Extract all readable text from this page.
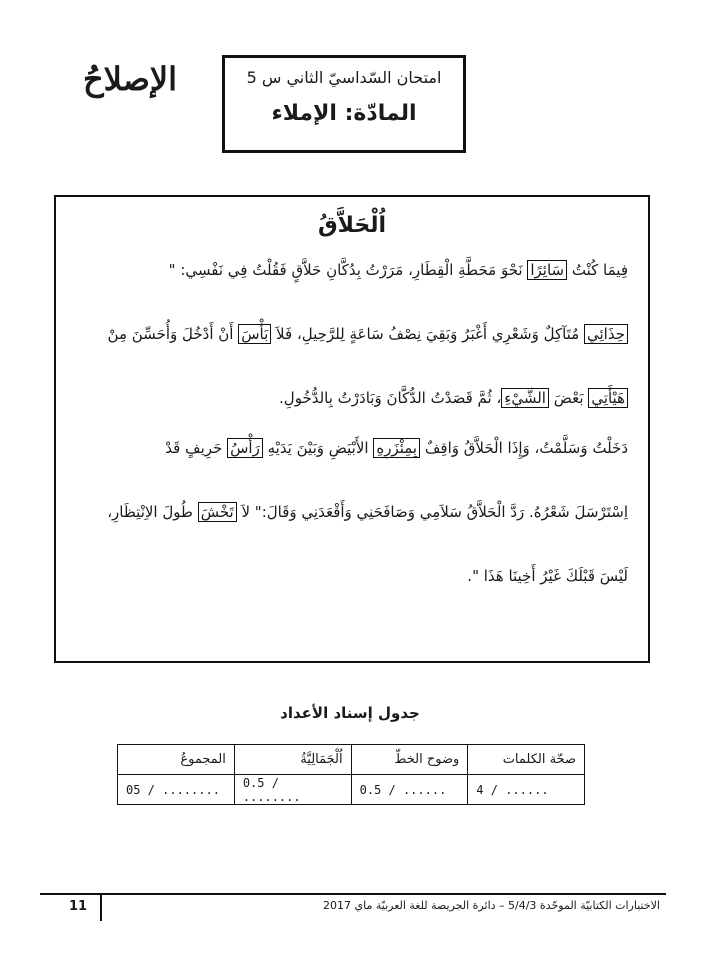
الإصلاحُ	امتحان السّداسيّ الثاني س 5
المادّة: الإملاء
اُلْحَلاَّقُ
فِيمَا كُنْتُ سَائِرًا نَحْوَ مَحَطَّةِ الْقِطَارِ، مَرَرْتُ بِدُكَّانِ حَلاَّقٍ فَقُلْتُ فِي نَفْسِي: "
حِذَائِي مُتَآكِلٌ وَشَعْرِي أَغْبَرُ وَبَقِيَ نِصْفُ سَاعَةٍ لِلرَّحِيلِ، فَلاَ بَأْسَ أَنْ أَدْخُلَ وَأُحَسِّنَ مِنْ
هَيْأَتِي بَعْضَ الشَّيْءِ، ثُمَّ قَصَدْتُ الدُّكَّانَ وَبَادَرْتُ بِالدُّخُولِ.
دَخَلْتُ وَسَلَّمْتُ، وَإِذَا الْحَلاَّقُ وَاقِفٌ بِمِئْزَرِهِ الأَبْيَضِ وَبَيْنَ يَدَيْهِ رَأْسُ حَرِيفٍ قَدْ
اِسْتَرْسَلَ شَعْرُهُ. رَدَّ الْحَلاَّقُ سَلاَمِي وَصَافَحَنِي وَأَقْعَدَنِي وَقَالَ:" لاَ تَخْشَ طُولَ الاِنْتِظَارِ،
لَيْسَ قَبْلَكَ غَيْرُ أَخِينَا هَذَا ".
جدول إسناد الأعداد
صحّة الكلمات	وضوح الخطّ	اُلْجَمَالِيَّةُ	المجموعُ
4 / ......	0.5 / ......	0.5 / ........	05 / ........
11	الاختبارات الكتابيّة الموحّدة 5/4/3 – دائرة الجريصة للغة العربيّة ماي 2017
